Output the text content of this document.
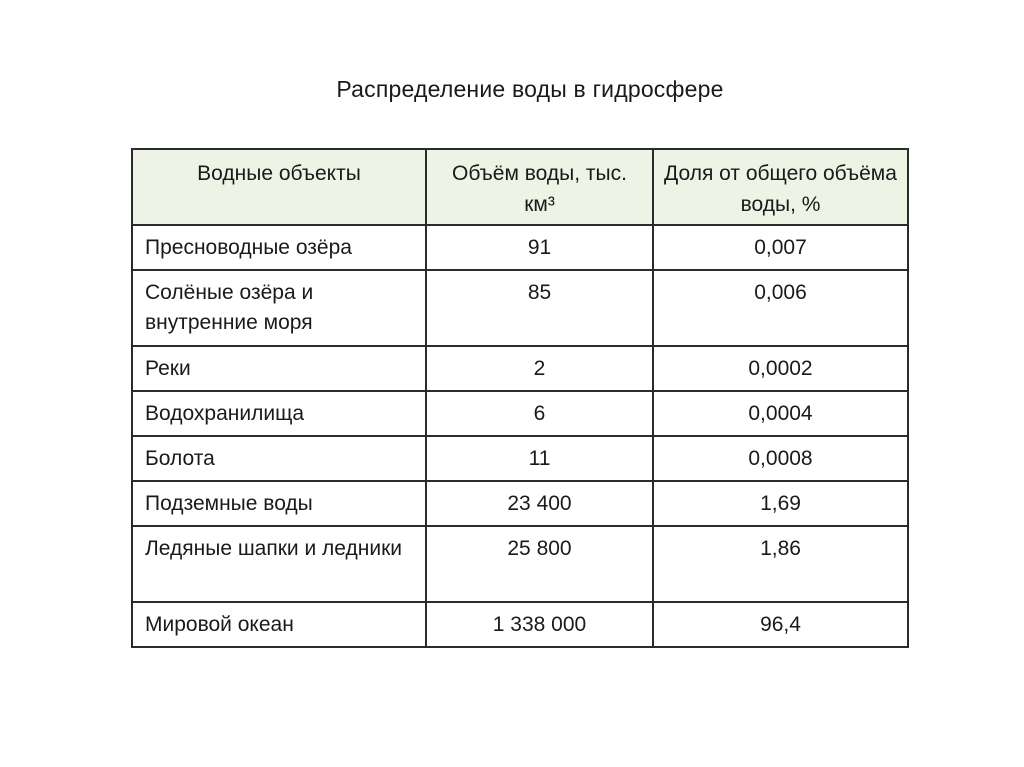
Распределение воды в гидросфере
Водные объекты	Объём воды, тыс. км³	Доля от общего объёма воды, %
Пресноводные озёра	91	0,007
Солёные озёра и внутренние моря	85	0,006
Реки	2	0,0002
Водохранилища	6	0,0004
Болота	11	0,0008
Подземные воды	23 400	1,69
Ледяные шапки и ледники	25 800	1,86
Мировой океан	1 338 000	96,4
